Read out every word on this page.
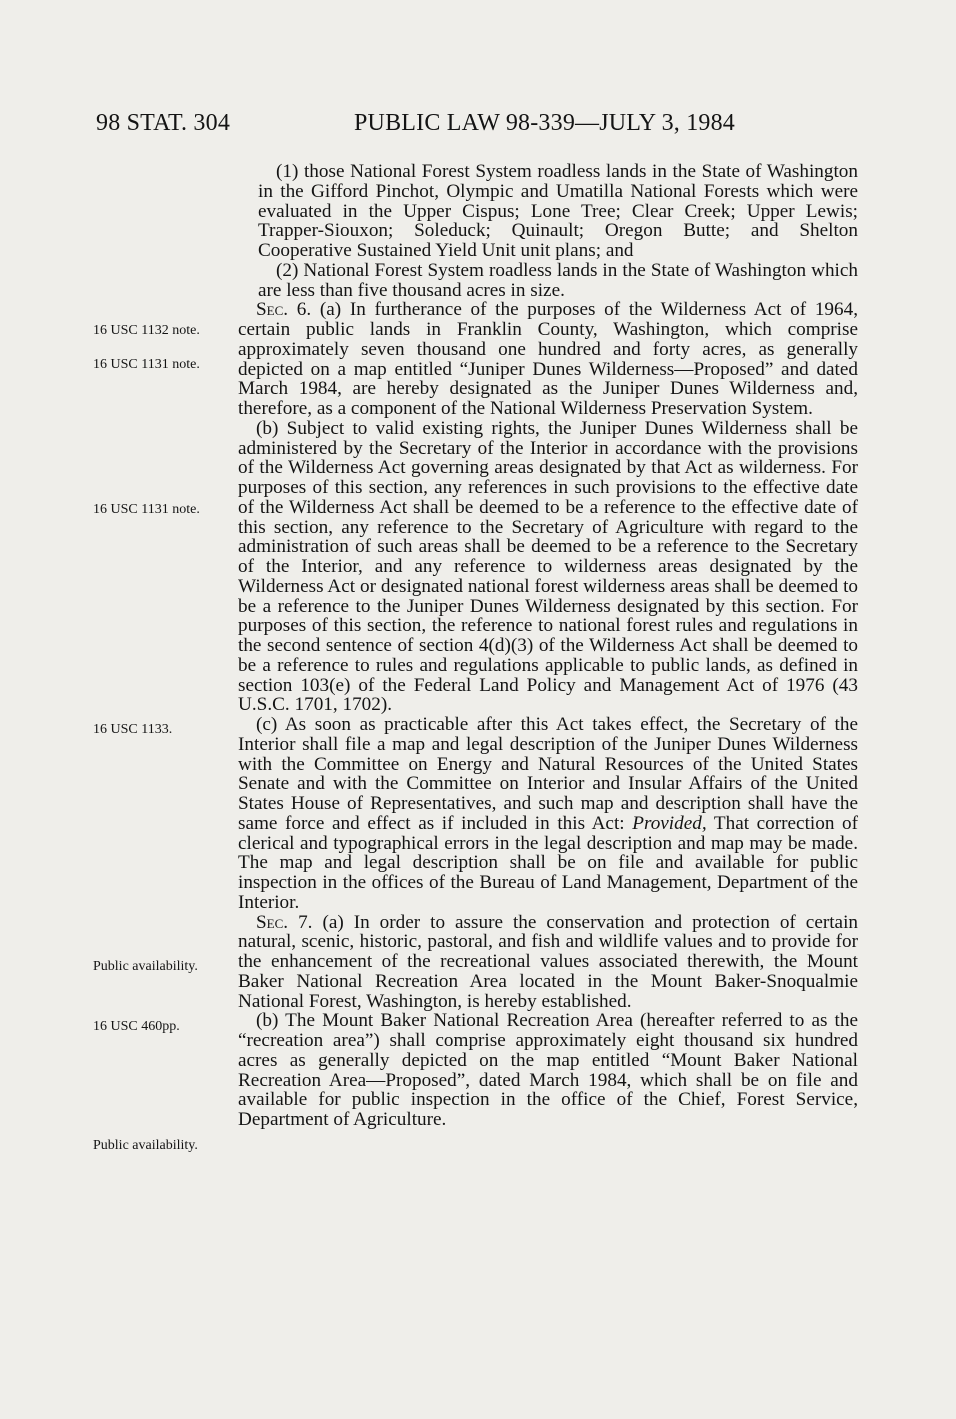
98 STAT. 304	PUBLIC LAW 98-339—JULY 3, 1984
16 USC 1132 note.
16 USC 1131 note.
16 USC 1131 note.
16 USC 1133.
Public availability.
16 USC 460pp.
Public availability.

(1) those National Forest System roadless lands in the State of Washington in the Gifford Pinchot, Olympic and Umatilla National Forests which were evaluated in the Upper Cispus; Lone Tree; Clear Creek; Upper Lewis; Trapper-Siouxon; Soleduck; Quinault; Oregon Butte; and Shelton Cooperative Sustained Yield Unit unit plans; and

(2) National Forest System roadless lands in the State of Washington which are less than five thousand acres in size.

Sec. 6. (a) In furtherance of the purposes of the Wilderness Act of 1964, certain public lands in Franklin County, Washington, which comprise approximately seven thousand one hundred and forty acres, as generally depicted on a map entitled “Juniper Dunes Wilderness—Proposed” and dated March 1984, are hereby designated as the Juniper Dunes Wilderness and, therefore, as a component of the National Wilderness Preservation System.

(b) Subject to valid existing rights, the Juniper Dunes Wilderness shall be administered by the Secretary of the Interior in accordance with the provisions of the Wilderness Act governing areas designated by that Act as wilderness. For purposes of this section, any references in such provisions to the effective date of the Wilderness Act shall be deemed to be a reference to the effective date of this section, any reference to the Secretary of Agriculture with regard to the administration of such areas shall be deemed to be a reference to the Secretary of the Interior, and any reference to wilderness areas designated by the Wilderness Act or designated national forest wilderness areas shall be deemed to be a reference to the Juniper Dunes Wilderness designated by this section. For purposes of this section, the reference to national forest rules and regulations in the second sentence of section 4(d)(3) of the Wilderness Act shall be deemed to be a reference to rules and regulations applicable to public lands, as defined in section 103(e) of the Federal Land Policy and Management Act of 1976 (43 U.S.C. 1701, 1702).

(c) As soon as practicable after this Act takes effect, the Secretary of the Interior shall file a map and legal description of the Juniper Dunes Wilderness with the Committee on Energy and Natural Resources of the United States Senate and with the Committee on Interior and Insular Affairs of the United States House of Representatives, and such map and description shall have the same force and effect as if included in this Act: Provided, That correction of clerical and typographical errors in the legal description and map may be made. The map and legal description shall be on file and available for public inspection in the offices of the Bureau of Land Management, Department of the Interior.

Sec. 7. (a) In order to assure the conservation and protection of certain natural, scenic, historic, pastoral, and fish and wildlife values and to provide for the enhancement of the recreational values associated therewith, the Mount Baker National Recreation Area located in the Mount Baker-Snoqualmie National Forest, Washington, is hereby established.

(b) The Mount Baker National Recreation Area (hereafter referred to as the “recreation area”) shall comprise approximately eight thousand six hundred acres as generally depicted on the map entitled “Mount Baker National Recreation Area—Proposed”, dated March 1984, which shall be on file and available for public inspection in the office of the Chief, Forest Service, Department of Agriculture.
